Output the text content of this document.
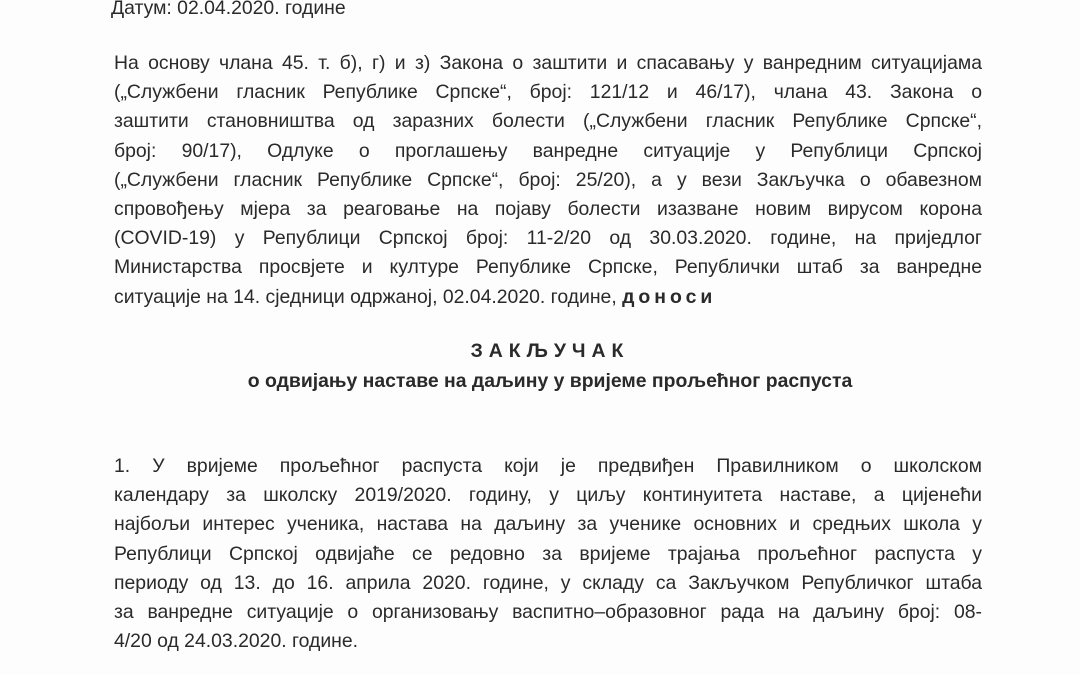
Датум: 02.04.2020. године
На основу члана 45. т. б), г) и з) Закона о заштити и спасавању у ванредним ситуацијама
(„Службени гласник Републике Српске“, број: 121/12 и 46/17), члана 43. Закона о
заштити становништва од заразних болести („Службени гласник Републике Српске“,
број: 90/17), Одлуке о проглашењу ванредне ситуације у Републици Српској
(„Службени гласник Републике Српске“, број: 25/20), а у вези Закључка о обавезном
спровођењу мјера за реаговање на појаву болести изазване новим вирусом корона
(COVID-19) у Републици Српској број: 11-2/20 од 30.03.2020. године, на приједлог
Министарства просвјете и културе Републике Српске, Републички штаб за ванредне
ситуације на 14. сједници одржаној, 02.04.2020. године, доноси
ЗАКЉУЧАК
о одвијању наставе на даљину у вријеме прољећног распуста
1. У вријеме прољећног распуста који је предвиђен Правилником о школском
календару за школску 2019/2020. годину, у циљу континуитета наставе, а цијенећи
најбољи интерес ученика, настава на даљину за ученике основних и средњих школа у
Републици Српској одвијаће се редовно за вријеме трајања прољећног распуста у
периоду од 13. до 16. априла 2020. године, у складу са Закључком Републичког штаба
за ванредне ситуације о организовању васпитно–образовног рада на даљину број: 08-
4/20 од 24.03.2020. године.
